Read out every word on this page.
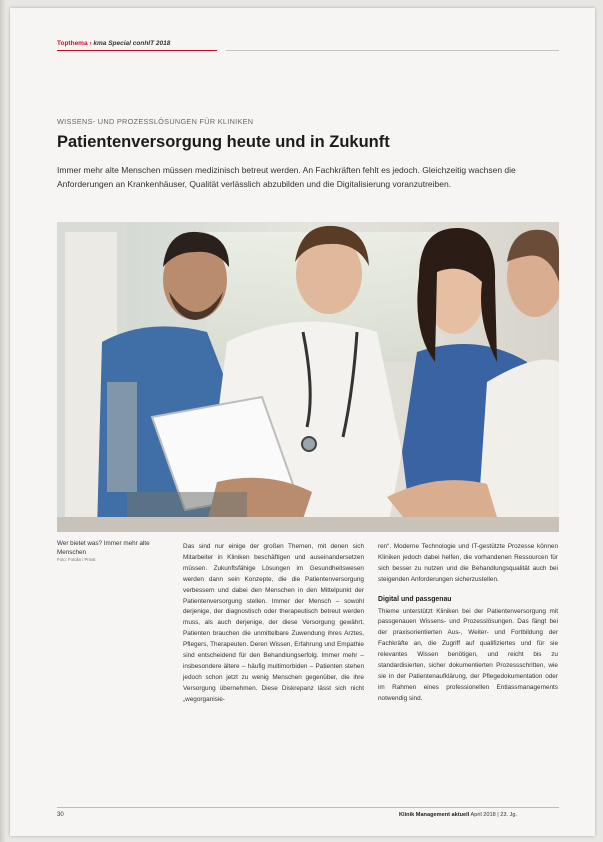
Topthema › kma Special conhIT 2018
WISSENS- UND PROZESSLÖSUNGEN FÜR KLINIKEN
Patientenversorgung heute und in Zukunft
Immer mehr alte Menschen müssen medizinisch betreut werden. An Fachkräften fehlt es jedoch. Gleichzeitig wachsen die Anforderungen an Krankenhäuser, Qualität verlässlich abzubilden und die Digitalisierung voranzutreiben.
Wer bietet was? Immer mehr alte Menschen
Foto: Fotolia / Privat

Das sind nur einige der großen Themen, mit denen sich Mitarbeiter in Kliniken beschäftigen und auseinandersetzen müssen. Zukunftsfähige Lösungen im Gesundheitswesen werden dann sein Konzepte, die die Patientenversorgung verbessern und dabei den Menschen in den Mittelpunkt der Patientenversorgung stellen. Immer der Mensch – sowohl derjenige, der diagnostisch oder therapeutisch betreut werden muss, als auch derjenige, der diese Versorgung gewährt. Patienten brauchen die unmittelbare Zuwendung ihres Arztes, Pflegers, Therapeuten. Deren Wissen, Erfahrung und Empathie sind entscheidend für den Behandlungserfolg. Immer mehr – insbesondere ältere – häufig multimorbiden – Patienten stehen jedoch schon jetzt zu wenig Menschen gegenüber, die ihre Versorgung übernehmen. Diese Diskrepanz lässt sich nicht „wegorganisie-

ren“. Moderne Technologie und IT-gestützte Prozesse können Kliniken jedoch dabei helfen, die vorhandenen Ressourcen für sich besser zu nutzen und die Behandlungsqualität auch bei steigenden Anforderungen sicherzustellen.

Digital und passgenau

Thieme unterstützt Kliniken bei der Patientenversorgung mit passgenauen Wissens- und Prozesslösungen. Das fängt bei der praxisorientierten Aus-, Weiter- und Fortbildung der Fachkräfte an, die Zugriff auf qualifiziertes und für sie relevantes Wissen benötigen, und reicht bis zu standardisierten, sicher dokumentierten Prozessschritten, wie sie in der Patientenaufklärung, der Pflegedokumentation oder im Rahmen eines professionellen Entlassmanagements notwendig sind.

30	Klinik Management aktuell April 2018 | 23. Jg.
